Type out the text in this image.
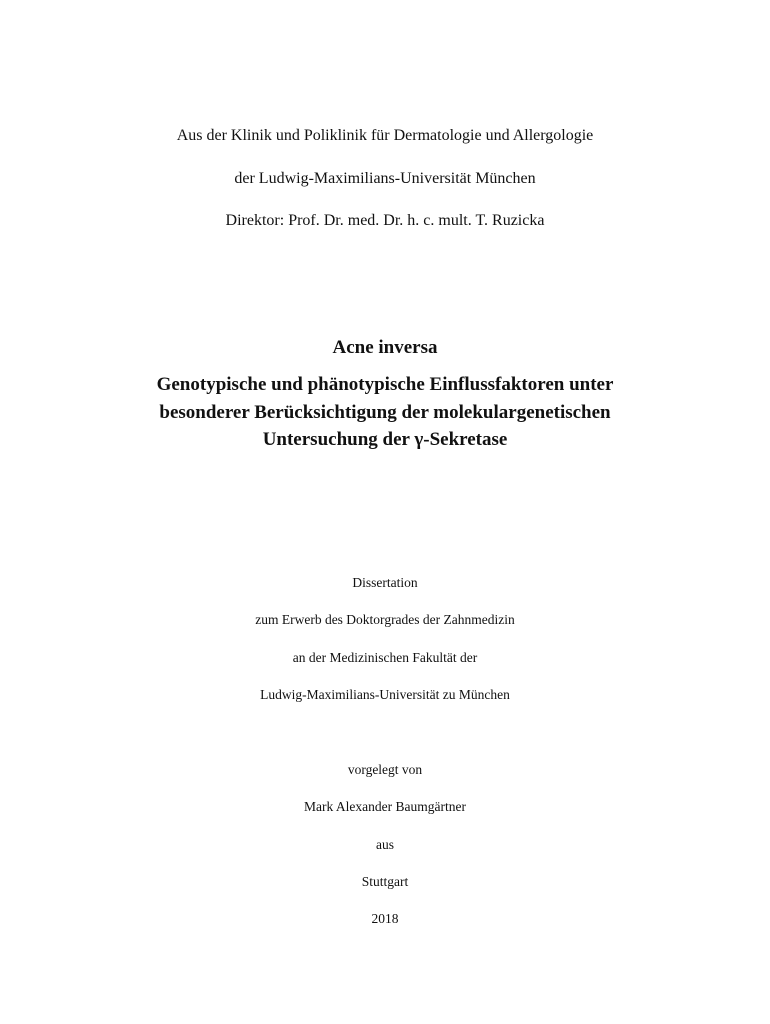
Aus der Klinik und Poliklinik für Dermatologie und Allergologie
der Ludwig-Maximilians-Universität München
Direktor: Prof. Dr. med. Dr. h. c. mult. T. Ruzicka
Acne inversa
Genotypische und phänotypische Einflussfaktoren unter
besonderer Berücksichtigung der molekulargenetischen
Untersuchung der γ-Sekretase
Dissertation
zum Erwerb des Doktorgrades der Zahnmedizin
an der Medizinischen Fakultät der
Ludwig-Maximilians-Universität zu München
vorgelegt von
Mark Alexander Baumgärtner
aus
Stuttgart
2018
